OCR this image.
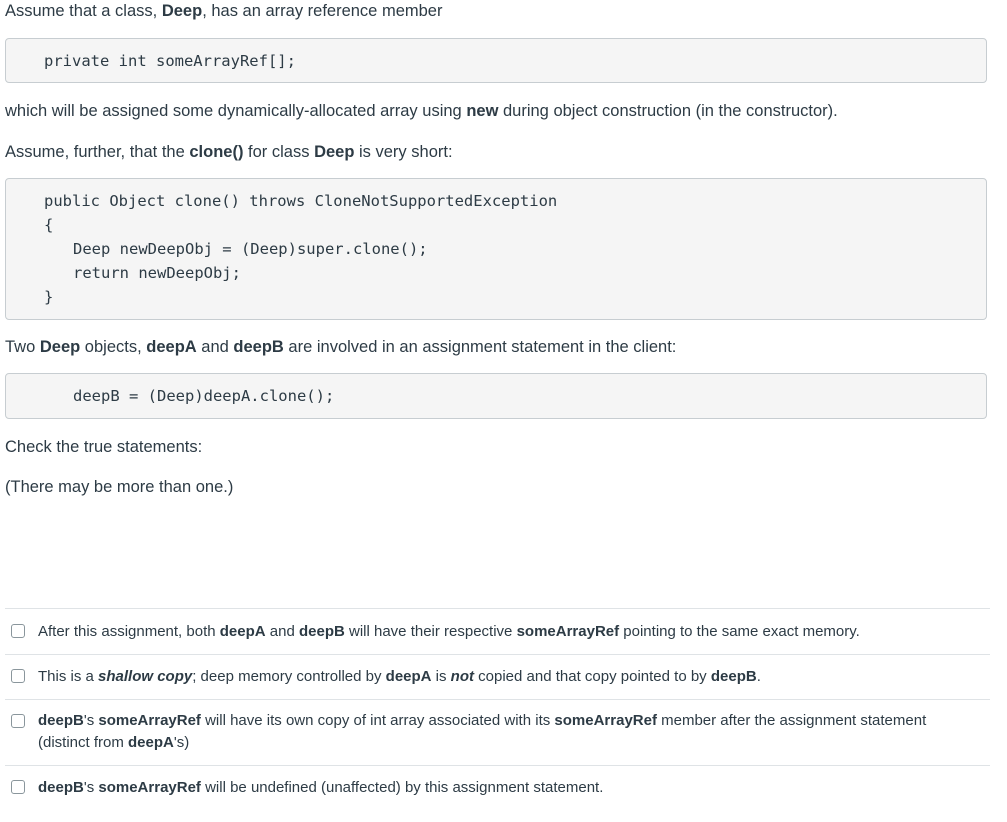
Assume that a class, Deep, has an array reference member
private int someArrayRef[];
which will be assigned some dynamically-allocated array using new during object construction (in the constructor).
Assume, further, that the clone() for class Deep is very short:
public Object clone() throws CloneNotSupportedException
{
Deep newDeepObj = (Deep)super.clone();
return newDeepObj;
}
Two Deep objects, deepA and deepB are involved in an assignment statement in the client:
deepB = (Deep)deepA.clone();
Check the true statements:
(There may be more than one.)
After this assignment, both deepA and deepB will have their respective someArrayRef pointing to the same exact memory.
This is a shallow copy; deep memory controlled by deepA is not copied and that copy pointed to by deepB.
deepB's someArrayRef will have its own copy of int array associated with its someArrayRef member after the assignment statement (distinct from deepA's)
deepB's someArrayRef will be undefined (unaffected) by this assignment statement.
